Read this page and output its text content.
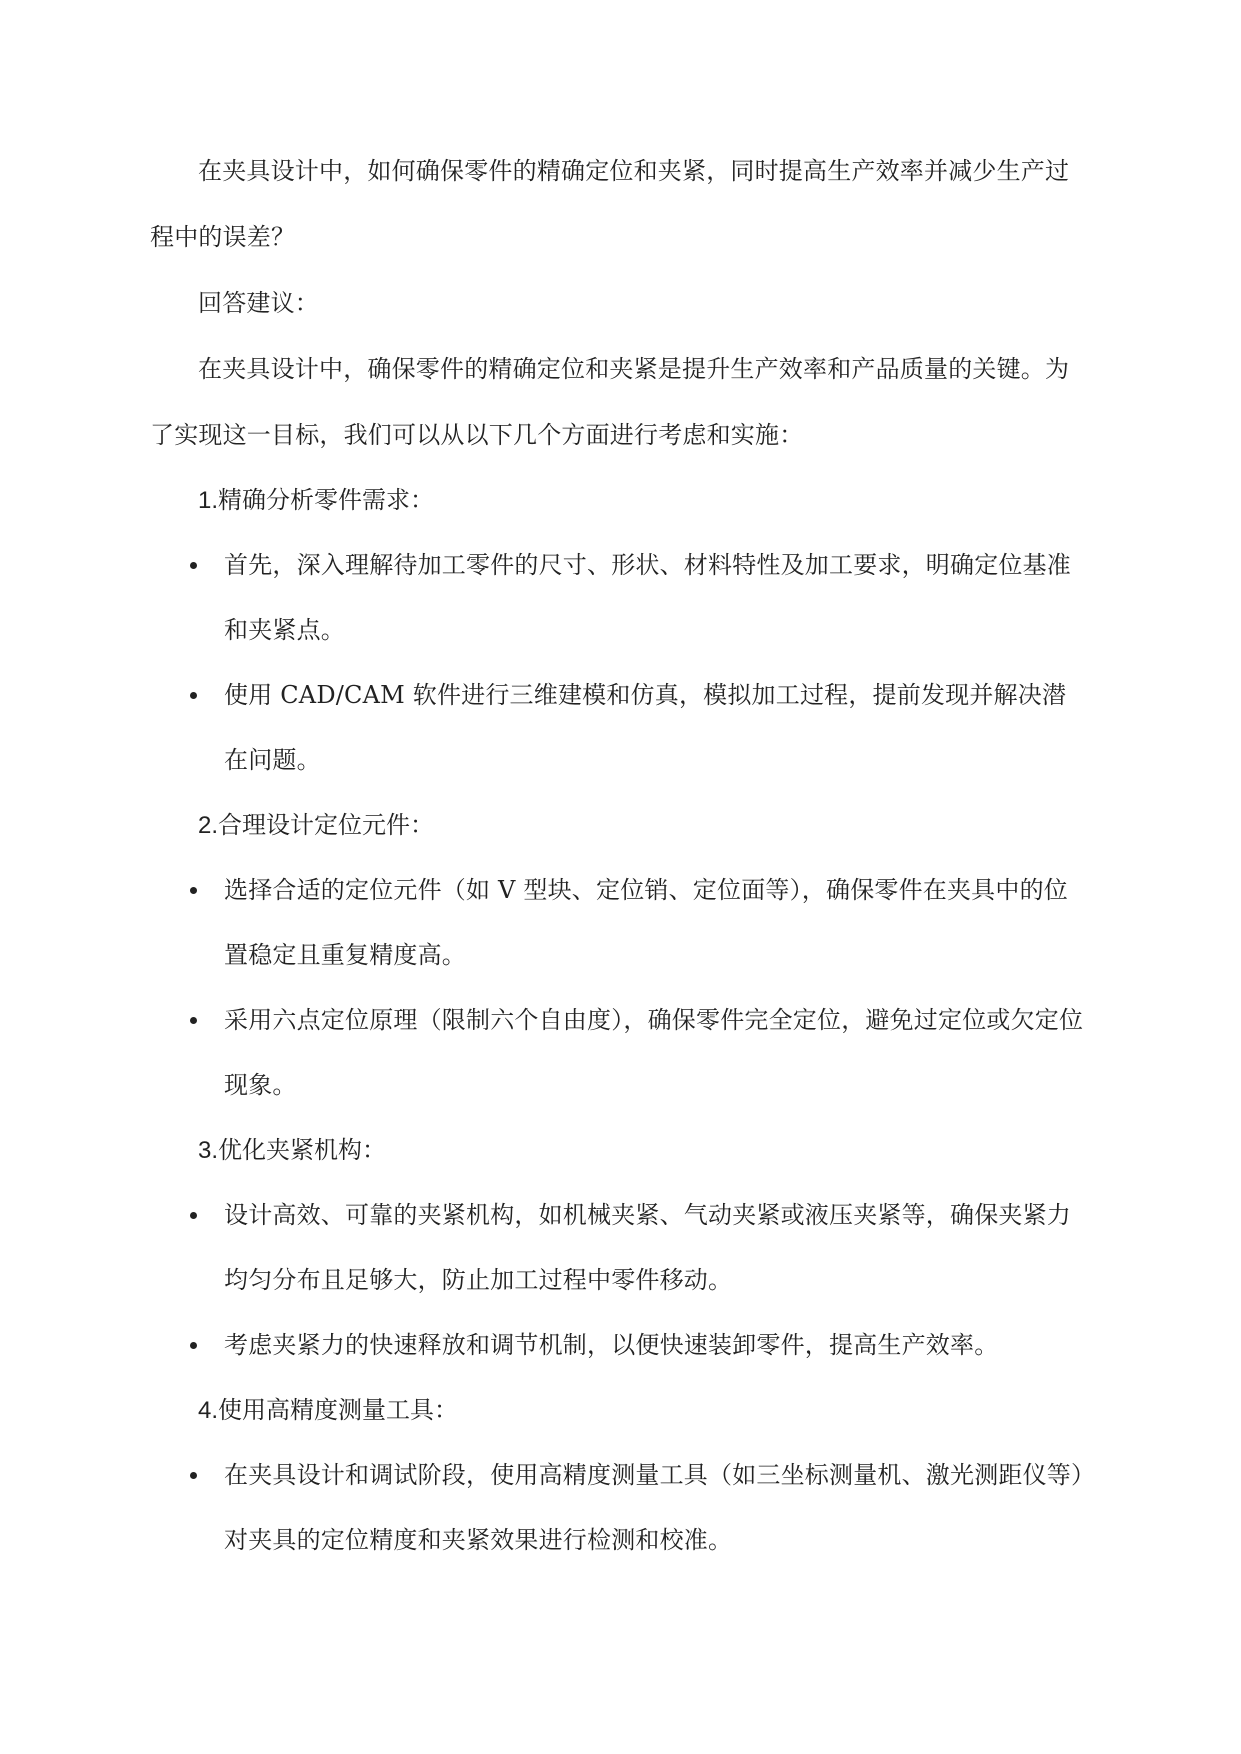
在夹具设计中，如何确保零件的精确定位和夹紧，同时提高生产效率并减少生产过程中的误差？

回答建议：

在夹具设计中，确保零件的精确定位和夹紧是提升生产效率和产品质量的关键。为了实现这一目标，我们可以从以下几个方面进行考虑和实施：

1.精确分析零件需求：
首先，深入理解待加工零件的尺寸、形状、材料特性及加工要求，明确定位基准和夹紧点。
使用 CAD/CAM 软件进行三维建模和仿真，模拟加工过程，提前发现并解决潜在问题。
2.合理设计定位元件：
选择合适的定位元件（如 V 型块、定位销、定位面等），确保零件在夹具中的位置稳定且重复精度高。
采用六点定位原理（限制六个自由度），确保零件完全定位，避免过定位或欠定位现象。
3.优化夹紧机构：
设计高效、可靠的夹紧机构，如机械夹紧、气动夹紧或液压夹紧等，确保夹紧力均匀分布且足够大，防止加工过程中零件移动。
考虑夹紧力的快速释放和调节机制，以便快速装卸零件，提高生产效率。
4.使用高精度测量工具：
在夹具设计和调试阶段，使用高精度测量工具（如三坐标测量机、激光测距仪等）对夹具的定位精度和夹紧效果进行检测和校准。
